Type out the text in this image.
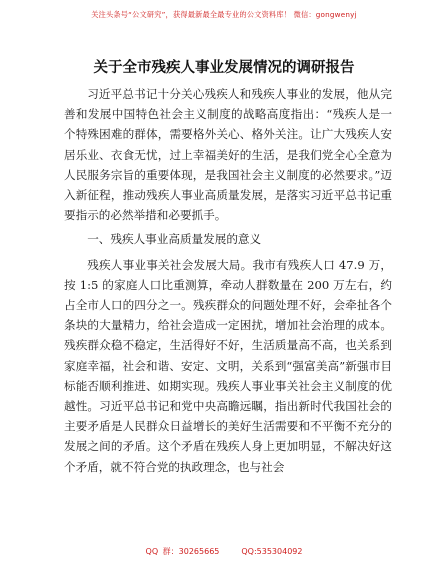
关注头条号“公文研究”，获得最新最全最专业的公文资料库！ 微信：gongwenyj
关于全市残疾人事业发展情况的调研报告

习近平总书记十分关心残疾人和残疾人事业的发展，他从完善和发展中国特色社会主义制度的战略高度指出：“残疾人是一个特殊困难的群体，需要格外关心、格外关注。让广大残疾人安居乐业、衣食无忧，过上幸福美好的生活，是我们党全心全意为人民服务宗旨的重要体现，是我国社会主义制度的必然要求。”迈入新征程，推动残疾人事业高质量发展，是落实习近平总书记重要指示的必然举措和必要抓手。

一、残疾人事业高质量发展的意义

残疾人事业事关社会发展大局。我市有残疾人口 47.9 万，按 1:5 的家庭人口比重测算，牵动人群数量在 200 万左右，约占全市人口的四分之一。残疾群众的问题处理不好，会牵扯各个条块的大量精力，给社会造成一定困扰，增加社会治理的成本。残疾群众稳不稳定，生活得好不好，生活质量高不高，也关系到家庭幸福，社会和谐、安定、文明，关系到“强富美高”新强市目标能否顺利推进、如期实现。残疾人事业事关社会主义制度的优越性。习近平总书记和党中央高瞻远瞩，指出新时代我国社会的主要矛盾是人民群众日益增长的美好生活需要和不平衡不充分的发展之间的矛盾。这个矛盾在残疾人身上更加明显，不解决好这个矛盾，就不符合党的执政理念，也与社会

QQ 群：30265665	QQ:535304092
